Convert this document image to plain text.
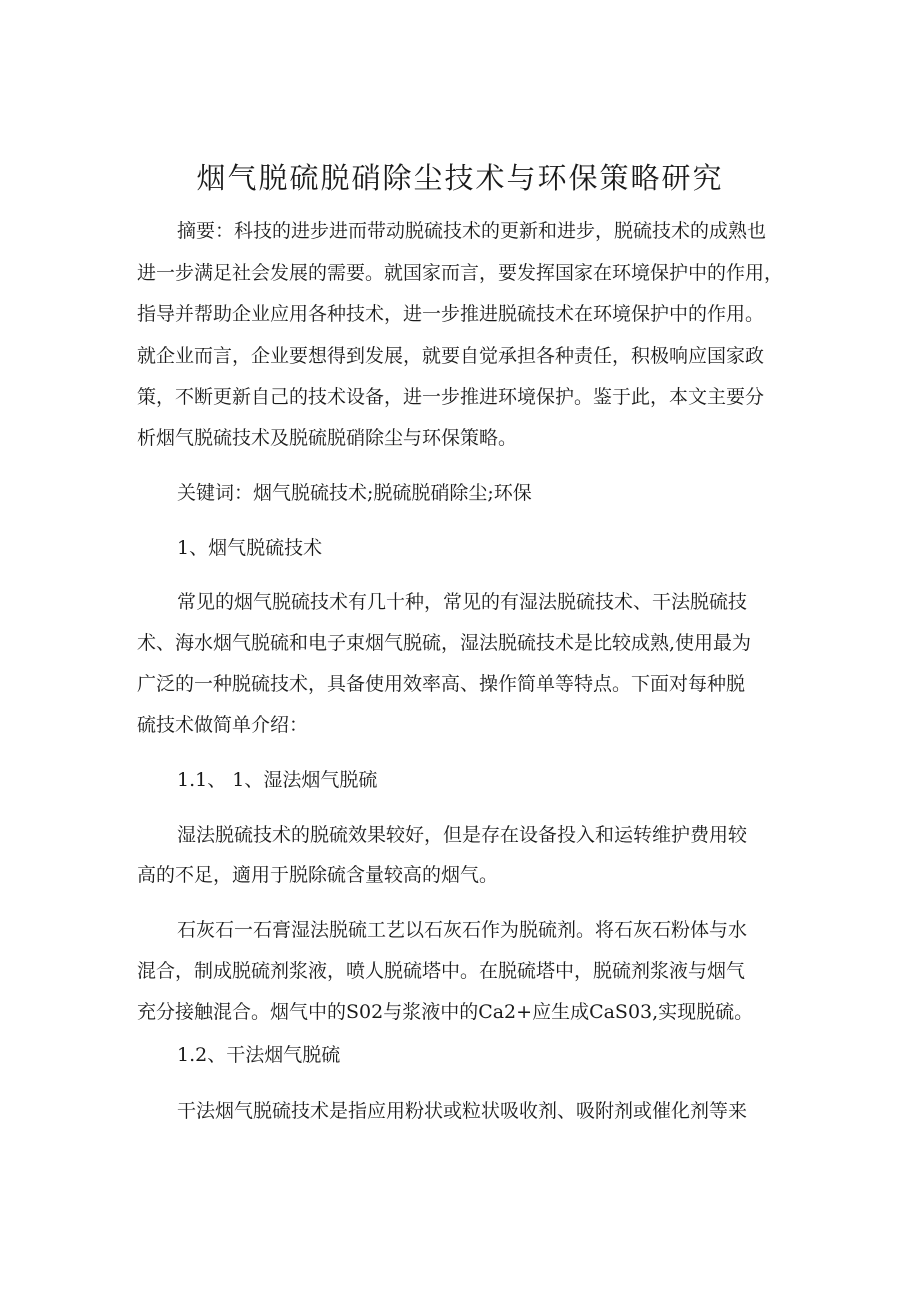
烟气脱硫脱硝除尘技术与环保策略研究
摘要：科技的进步进而带动脱硫技术的更新和进步，脱硫技术的成熟也
进一步满足社会发展的需要。就国家而言，要发挥国家在环境保护中的作用，
指导并帮助企业应用各种技术，进一步推进脱硫技术在环境保护中的作用。
就企业而言，企业要想得到发展，就要自觉承担各种责任，积极响应国家政
策，不断更新自己的技术设备，进一步推进环境保护。鉴于此，本文主要分
析烟气脱硫技术及脱硫脱硝除尘与环保策略。
关键词：烟气脱硫技术;脱硫脱硝除尘;环保
1、烟气脱硫技术
常见的烟气脱硫技术有几十种，常见的有湿法脱硫技术、干法脱硫技
术、海水烟气脱硫和电子束烟气脱硫，湿法脱硫技术是比较成熟,使用最为
广泛的一种脱硫技术，具备使用效率高、操作简单等特点。下面对每种脱
硫技术做简单介绍：
1.1、 1、湿法烟气脱硫
湿法脱硫技术的脱硫效果较好，但是存在设备投入和运转维护费用较
高的不足，適用于脱除硫含量较高的烟气。
石灰石一石膏湿法脱硫工艺以石灰石作为脱硫剂。将石灰石粉体与水
混合，制成脱硫剂浆液，喷人脱硫塔中。在脱硫塔中，脱硫剂浆液与烟气
充分接触混合。烟气中的S02与浆液中的Ca2+应生成CaS03,实现脱硫。
1.2、干法烟气脱硫
干法烟气脱硫技术是指应用粉状或粒状吸收剂、吸附剂或催化剂等来
